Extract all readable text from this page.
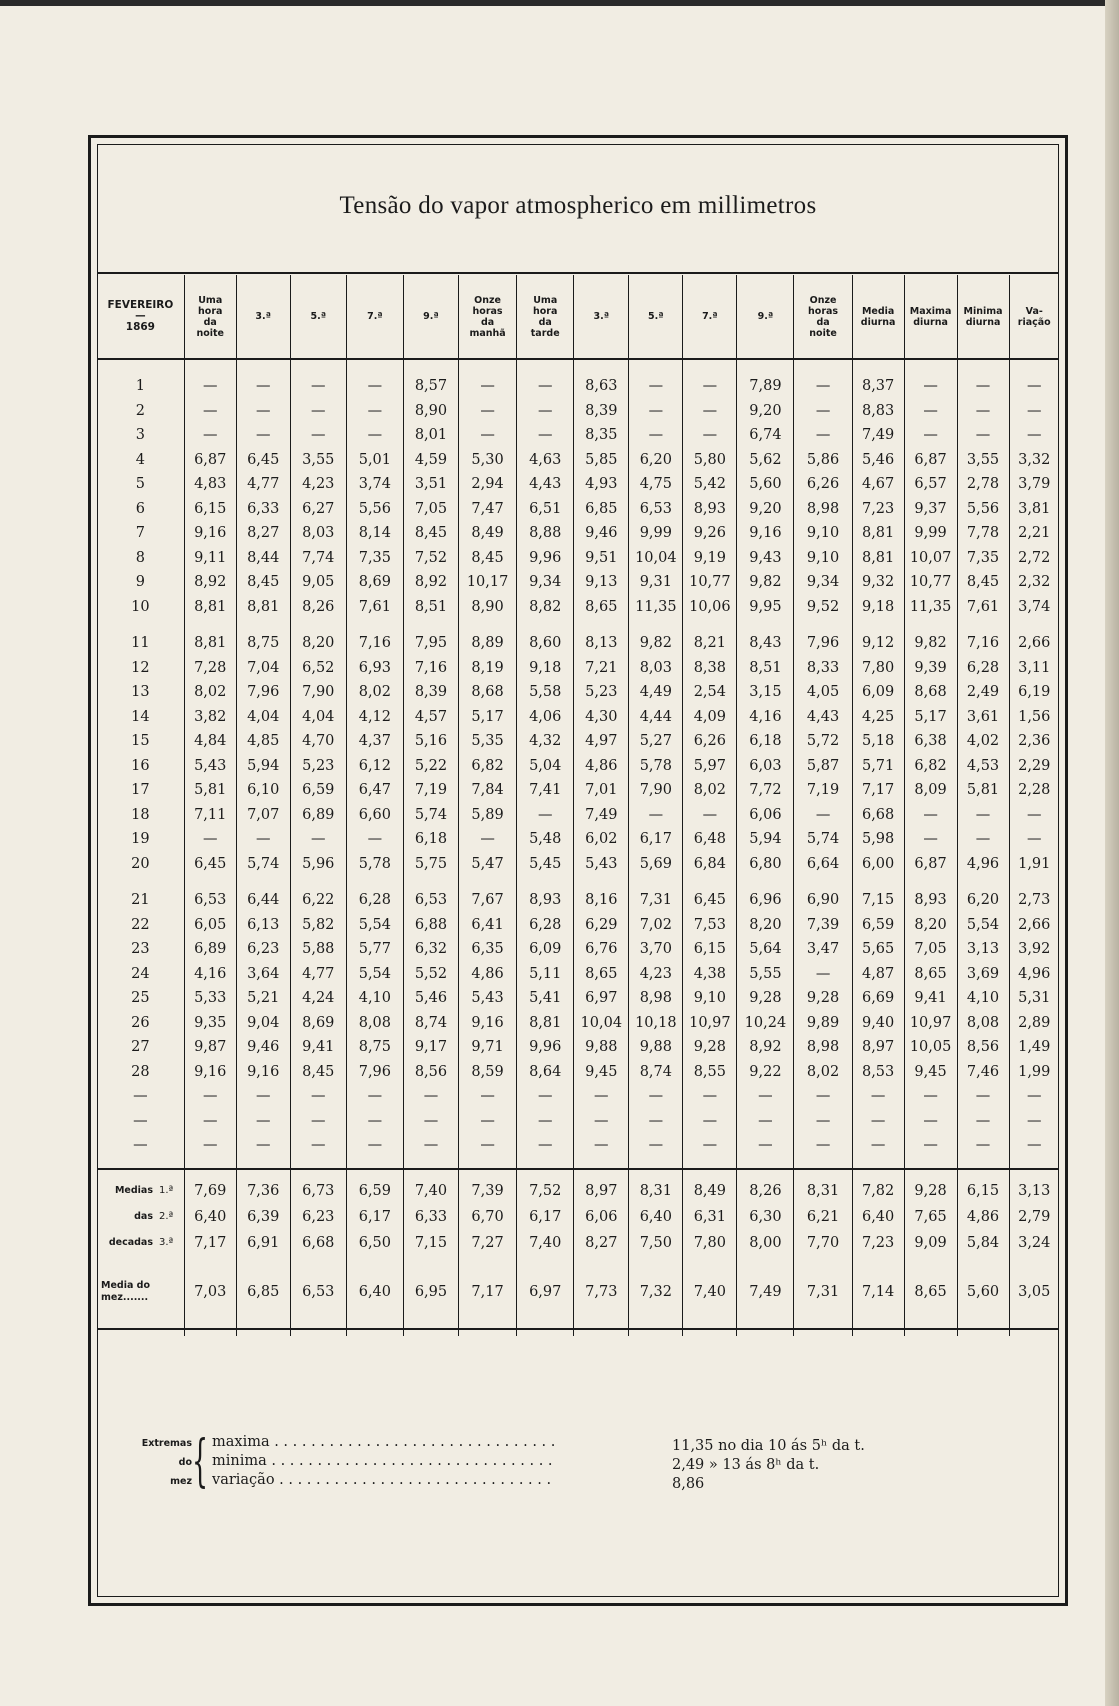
Tensão do vapor atmospherico em millimetros
FEVEREIRO
—
1869	Uma
hora
da
noite	3.ª	5.ª	7.ª	9.ª	Onze
horas
da
manhã	Uma
hora
da
tarde	3.ª	5.ª	7.ª	9.ª	Onze
horas
da
noite	Media
diurna	Maxima
diurna	Minima
diurna	Va-
riação

1	—	—	—	—	8,57	—	—	8,63	—	—	7,89	—	8,37	—	—	—
2	—	—	—	—	8,90	—	—	8,39	—	—	9,20	—	8,83	—	—	—
3	—	—	—	—	8,01	—	—	8,35	—	—	6,74	—	7,49	—	—	—
4	6,87	6,45	3,55	5,01	4,59	5,30	4,63	5,85	6,20	5,80	5,62	5,86	5,46	6,87	3,55	3,32
5	4,83	4,77	4,23	3,74	3,51	2,94	4,43	4,93	4,75	5,42	5,60	6,26	4,67	6,57	2,78	3,79
6	6,15	6,33	6,27	5,56	7,05	7,47	6,51	6,85	6,53	8,93	9,20	8,98	7,23	9,37	5,56	3,81
7	9,16	8,27	8,03	8,14	8,45	8,49	8,88	9,46	9,99	9,26	9,16	9,10	8,81	9,99	7,78	2,21
8	9,11	8,44	7,74	7,35	7,52	8,45	9,96	9,51	10,04	9,19	9,43	9,10	8,81	10,07	7,35	2,72
9	8,92	8,45	9,05	8,69	8,92	10,17	9,34	9,13	9,31	10,77	9,82	9,34	9,32	10,77	8,45	2,32
10	8,81	8,81	8,26	7,61	8,51	8,90	8,82	8,65	11,35	10,06	9,95	9,52	9,18	11,35	7,61	3,74

11	8,81	8,75	8,20	7,16	7,95	8,89	8,60	8,13	9,82	8,21	8,43	7,96	9,12	9,82	7,16	2,66
12	7,28	7,04	6,52	6,93	7,16	8,19	9,18	7,21	8,03	8,38	8,51	8,33	7,80	9,39	6,28	3,11
13	8,02	7,96	7,90	8,02	8,39	8,68	5,58	5,23	4,49	2,54	3,15	4,05	6,09	8,68	2,49	6,19
14	3,82	4,04	4,04	4,12	4,57	5,17	4,06	4,30	4,44	4,09	4,16	4,43	4,25	5,17	3,61	1,56
15	4,84	4,85	4,70	4,37	5,16	5,35	4,32	4,97	5,27	6,26	6,18	5,72	5,18	6,38	4,02	2,36
16	5,43	5,94	5,23	6,12	5,22	6,82	5,04	4,86	5,78	5,97	6,03	5,87	5,71	6,82	4,53	2,29
17	5,81	6,10	6,59	6,47	7,19	7,84	7,41	7,01	7,90	8,02	7,72	7,19	7,17	8,09	5,81	2,28
18	7,11	7,07	6,89	6,60	5,74	5,89	—	7,49	—	—	6,06	—	6,68	—	—	—
19	—	—	—	—	6,18	—	5,48	6,02	6,17	6,48	5,94	5,74	5,98	—	—	—
20	6,45	5,74	5,96	5,78	5,75	5,47	5,45	5,43	5,69	6,84	6,80	6,64	6,00	6,87	4,96	1,91

21	6,53	6,44	6,22	6,28	6,53	7,67	8,93	8,16	7,31	6,45	6,96	6,90	7,15	8,93	6,20	2,73
22	6,05	6,13	5,82	5,54	6,88	6,41	6,28	6,29	7,02	7,53	8,20	7,39	6,59	8,20	5,54	2,66
23	6,89	6,23	5,88	5,77	6,32	6,35	6,09	6,76	3,70	6,15	5,64	3,47	5,65	7,05	3,13	3,92
24	4,16	3,64	4,77	5,54	5,52	4,86	5,11	8,65	4,23	4,38	5,55	—	4,87	8,65	3,69	4,96
25	5,33	5,21	4,24	4,10	5,46	5,43	5,41	6,97	8,98	9,10	9,28	9,28	6,69	9,41	4,10	5,31
26	9,35	9,04	8,69	8,08	8,74	9,16	8,81	10,04	10,18	10,97	10,24	9,89	9,40	10,97	8,08	2,89
27	9,87	9,46	9,41	8,75	9,17	9,71	9,96	9,88	9,88	9,28	8,92	8,98	8,97	10,05	8,56	1,49
28	9,16	9,16	8,45	7,96	8,56	8,59	8,64	9,45	8,74	8,55	9,22	8,02	8,53	9,45	7,46	1,99
—	—	—	—	—	—	—	—	—	—	—	—	—	—	—	—	—
—	—	—	—	—	—	—	—	—	—	—	—	—	—	—	—	—
—	—	—	—	—	—	—	—	—	—	—	—	—	—	—	—	—

Medias 1.ª	7,69	7,36	6,73	6,59	7,40	7,39	7,52	8,97	8,31	8,49	8,26	8,31	7,82	9,28	6,15	3,13
das 2.ª	6,40	6,39	6,23	6,17	6,33	6,70	6,17	6,06	6,40	6,31	6,30	6,21	6,40	7,65	4,86	2,79
decadas 3.ª	7,17	6,91	6,68	6,50	7,15	7,27	7,40	8,27	7,50	7,80	8,00	7,70	7,23	9,09	5,84	3,24
Media do mez.......	7,03	6,85	6,53	6,40	6,95	7,17	6,97	7,73	7,32	7,40	7,49	7,31	7,14	8,65	5,60	3,05

Extremas
do
mez { maxima . . . . . . . . . . . . . . . . . . . . . . . . . . . . . . .	11,35 no dia 10 ás 5ʰ da t.
minima . . . . . . . . . . . . . . . . . . . . . . . . . . . . . . .	2,49 » 13 ás 8ʰ da t.
variação . . . . . . . . . . . . . . . . . . . . . . . . . . . . . .	8,86
